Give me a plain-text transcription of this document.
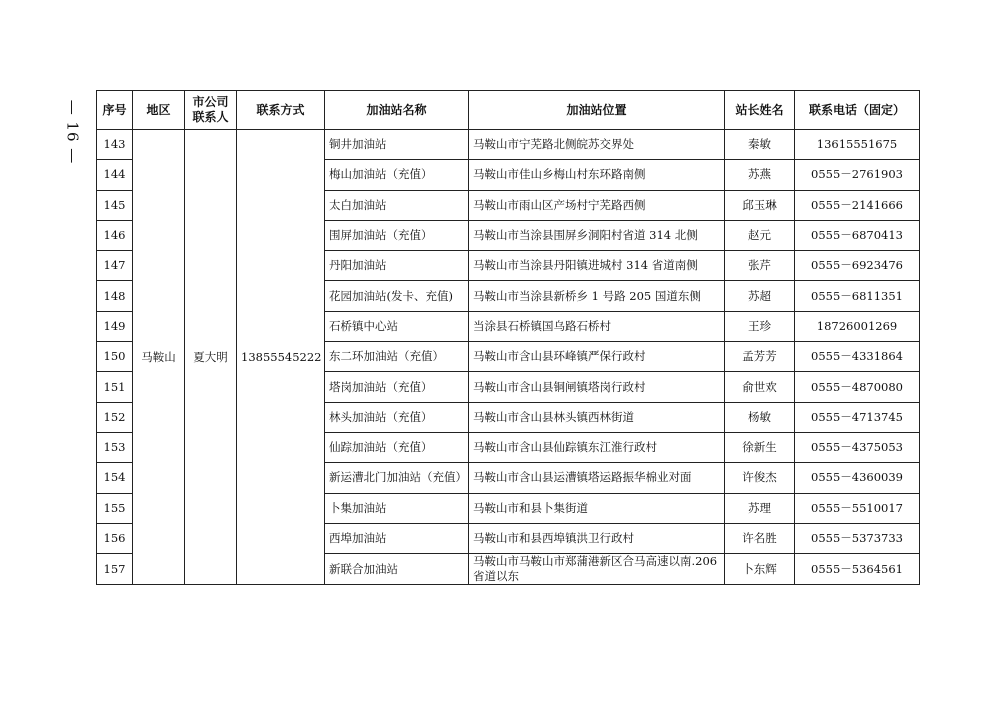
— 16 — 序号	地区	市公司联系人	联系方式	加油站名称	加油站位置	站长姓名	联系电话（固定）
143	马鞍山	夏大明	13855545222	铜井加油站	马鞍山市宁芜路北侧皖苏交界处	秦敏	13615551675
144				梅山加油站（充值）	马鞍山市佳山乡梅山村东环路南侧	苏燕	0555－2761903
145				太白加油站	马鞍山市雨山区产场村宁芜路西侧	邱玉琳	0555－2141666
146				围屏加油站（充值）	马鞍山市当涂县围屏乡洞阳村省道 314 北侧	赵元	0555－6870413
147				丹阳加油站	马鞍山市当涂县丹阳镇进城村 314 省道南侧	张芹	0555－6923476
148				花园加油站(发卡、充值)	马鞍山市当涂县新桥乡 1 号路 205 国道东侧	苏超	0555－6811351
149				石桥镇中心站	当涂县石桥镇国乌路石桥村	王珍	18726001269
150				东二环加油站（充值）	马鞍山市含山县环峰镇严保行政村	孟芳芳	0555－4331864
151				塔岗加油站（充值）	马鞍山市含山县铜闸镇塔岗行政村	俞世欢	0555－4870080
152				林头加油站（充值）	马鞍山市含山县林头镇西林街道	杨敏	0555－4713745
153				仙踪加油站（充值）	马鞍山市含山县仙踪镇东江淮行政村	徐新生	0555－4375053
154				新运漕北门加油站（充值）	马鞍山市含山县运漕镇塔运路振华棉业对面	许俊杰	0555－4360039
155				卜集加油站	马鞍山市和县卜集街道	苏理	0555－5510017
156				西埠加油站	马鞍山市和县西埠镇洪卫行政村	许名胜	0555－5373733
157				新联合加油站	马鞍山市马鞍山市郑蒲港新区合马高速以南.206 省道以东	卜东辉	0555－5364561
